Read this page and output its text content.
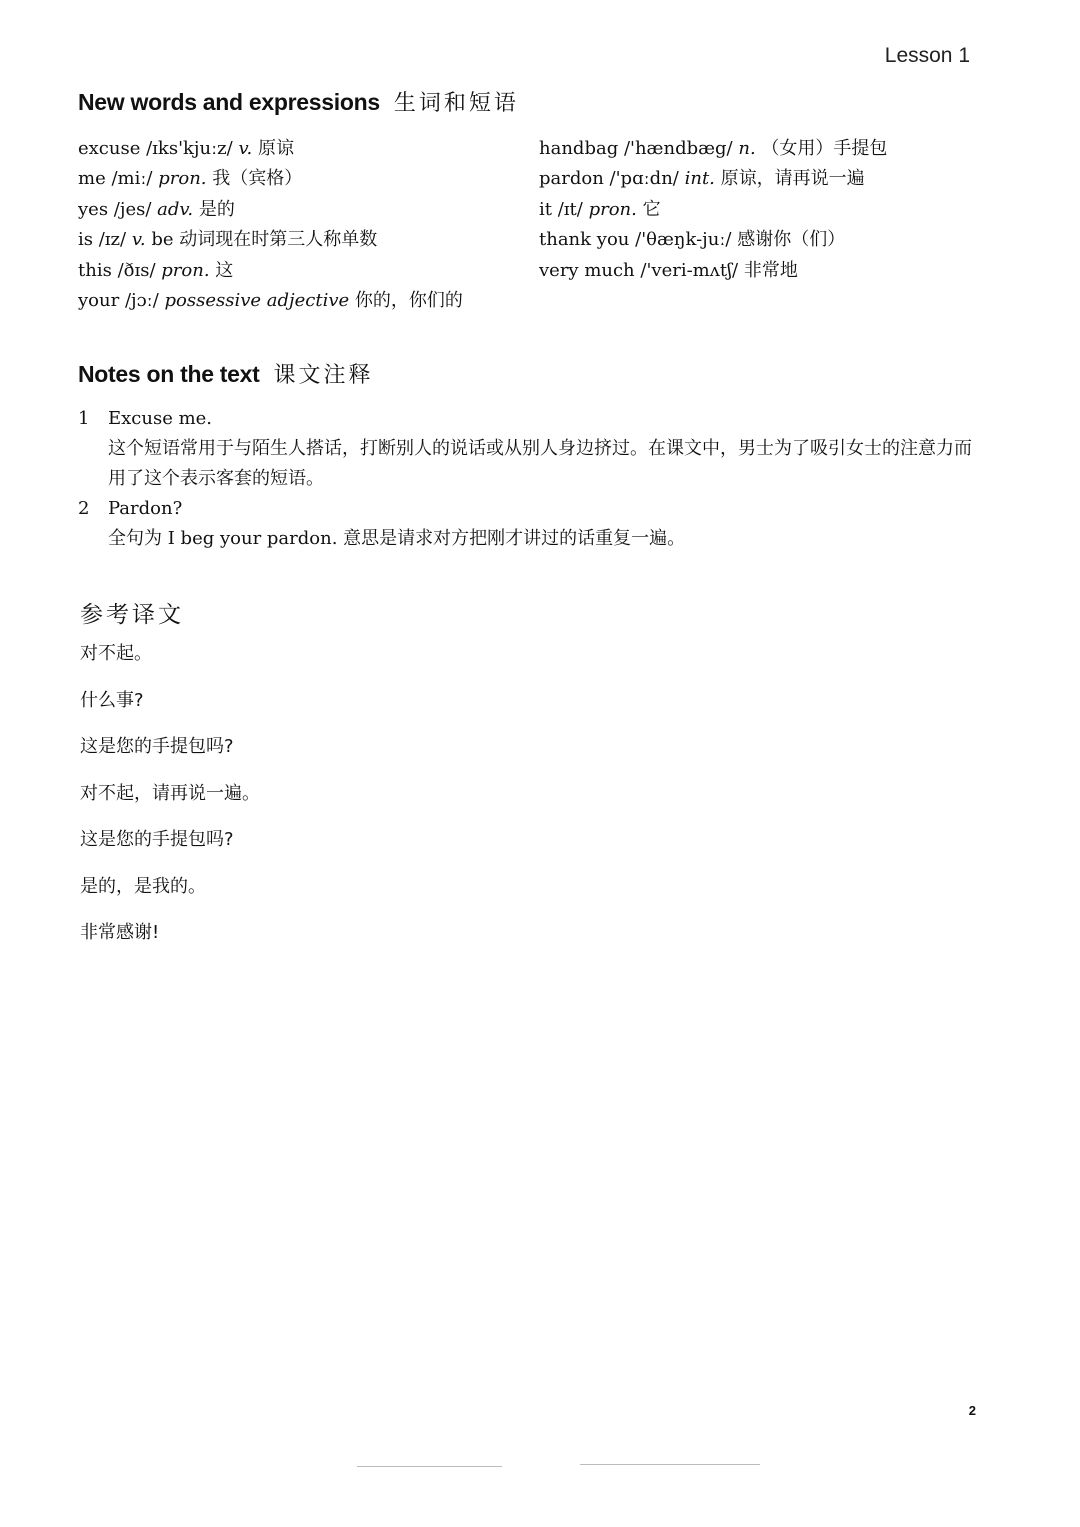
Lesson 1
New words and expressions 生词和短语
excuse /ɪks'kjuːz/ v. 原谅
me /miː/ pron. 我（宾格）
yes /jes/ adv. 是的
is /ɪz/ v. be 动词现在时第三人称单数
this /ðɪs/ pron. 这
your /jɔː/ possessive adjective 你的，你们的
handbag /'hændbæg/ n. （女用）手提包
pardon /'pɑːdn/ int. 原谅，请再说一遍
it /ɪt/ pron. 它
thank you /'θæŋk-juː/ 感谢你（们）
very much /'veri-mʌtʃ/ 非常地
Notes on the text 课文注释
1 Excuse me.
这个短语常用于与陌生人搭话，打断别人的说话或从别人身边挤过。在课文中，男士为了吸引女士的注意力而用了这个表示客套的短语。
2 Pardon?
全句为 I beg your pardon. 意思是请求对方把刚才讲过的话重复一遍。
参考译文
对不起。
什么事?
这是您的手提包吗?
对不起，请再说一遍。
这是您的手提包吗?
是的，是我的。
非常感谢!
2
